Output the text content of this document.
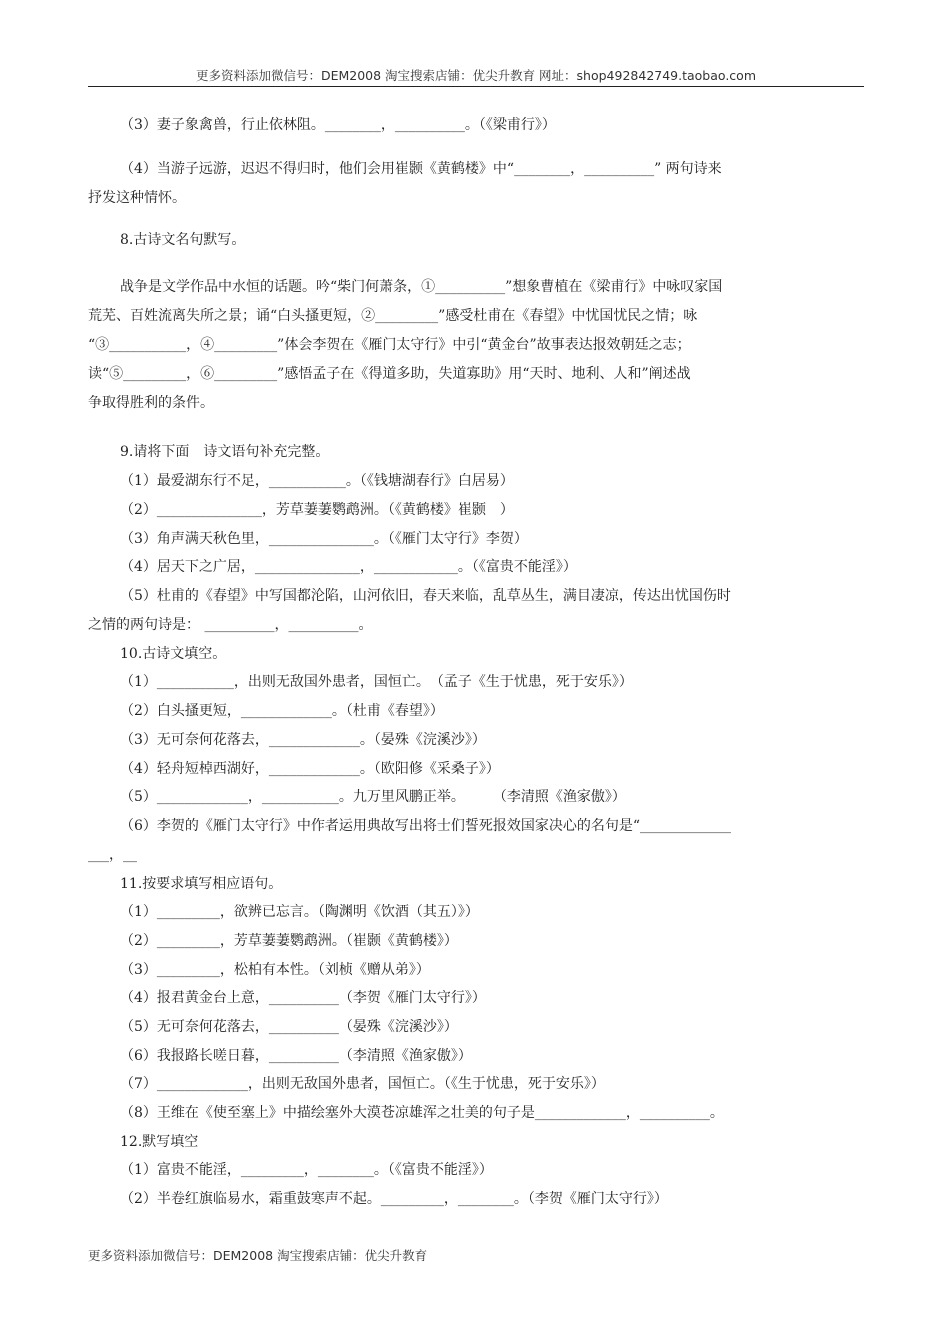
更多资料添加微信号：DEM2008 淘宝搜索店铺：优尖升教育 网址：shop492842749.taobao.com
（3）妻子象禽兽，行止依林阻。________，__________。（《梁甫行》）
（4）当游子远游，迟迟不得归时，他们会用崔颢《黄鹤楼》中“________，__________” 两句诗来
抒发这种情怀。
8.古诗文名句默写。
战争是文学作品中水恒的话题。吟“柴门何萧条，①__________”想象曹植在《梁甫行》中咏叹家国
荒芜、百姓流离失所之景；诵“白头搔更短，②_________”感受杜甫在《春望》中忧国忧民之情；咏
“③___________，④_________”体会李贺在《雁门太守行》中引“黄金台”故事表达报效朝廷之志；
读“⑤_________，⑥_________”感悟孟子在《得道多助，失道寡助》用“天时、地利、人和”阐述战
争取得胜利的条件。
9.请将下面　诗文语句补充完整。
（1）最爱湖东行不足，___________。（《钱塘湖春行》白居易）
（2）_______________，芳草萋萋鹦鹉洲。（《黄鹤楼》崔颢　）
（3）角声满天秋色里，_______________。（《雁门太守行》李贺）
（4）居天下之广居，_______________，____________。（《富贵不能淫》）
（5）杜甫的《春望》中写国都沦陷，山河依旧，春天来临，乱草丛生，满目凄凉，传达出忧国伤时
之情的两句诗是： __________，__________。
10.古诗文填空。
（1）___________，出则无敌国外患者，国恒亡。　（孟子《生于忧患，死于安乐》）
（2）白头搔更短，_____________。（杜甫《春望》）
（3）无可奈何花落去，_____________。（晏殊《浣溪沙》）
（4）轻舟短棹西湖好，_____________。（欧阳修《采桑子》）
（5）_____________，___________。九万里风鹏正举。　　　（李清照《渔家傲》）
（6）李贺的《雁门太守行》中作者运用典故写出将士们誓死报效国家决心的名句是“_____________
___，__
11.按要求填写相应语句。
（1）_________，欲辨已忘言。（陶渊明《饮酒（其五）》）
（2）_________，芳草萋萋鹦鹉洲。（崔颢《黄鹤楼》）
（3）_________，松柏有本性。（刘桢《赠从弟》）
（4）报君黄金台上意，__________（李贺《雁门太守行》）
（5）无可奈何花落去，__________（晏殊《浣溪沙》）
（6）我报路长嗟日暮，__________（李清照《渔家傲》）
（7）_____________，出则无敌国外患者，国恒亡。（《生于忧患，死于安乐》）
（8）王维在《使至塞上》中描绘塞外大漠苍凉雄浑之壮美的句子是_____________，__________。
12.默写填空
（1）富贵不能淫，_________，________。（《富贵不能淫》）
（2）半卷红旗临易水，霜重鼓寒声不起。_________，________。（李贺《雁门太守行》）
更多资料添加微信号：DEM2008 淘宝搜索店铺：优尖升教育
